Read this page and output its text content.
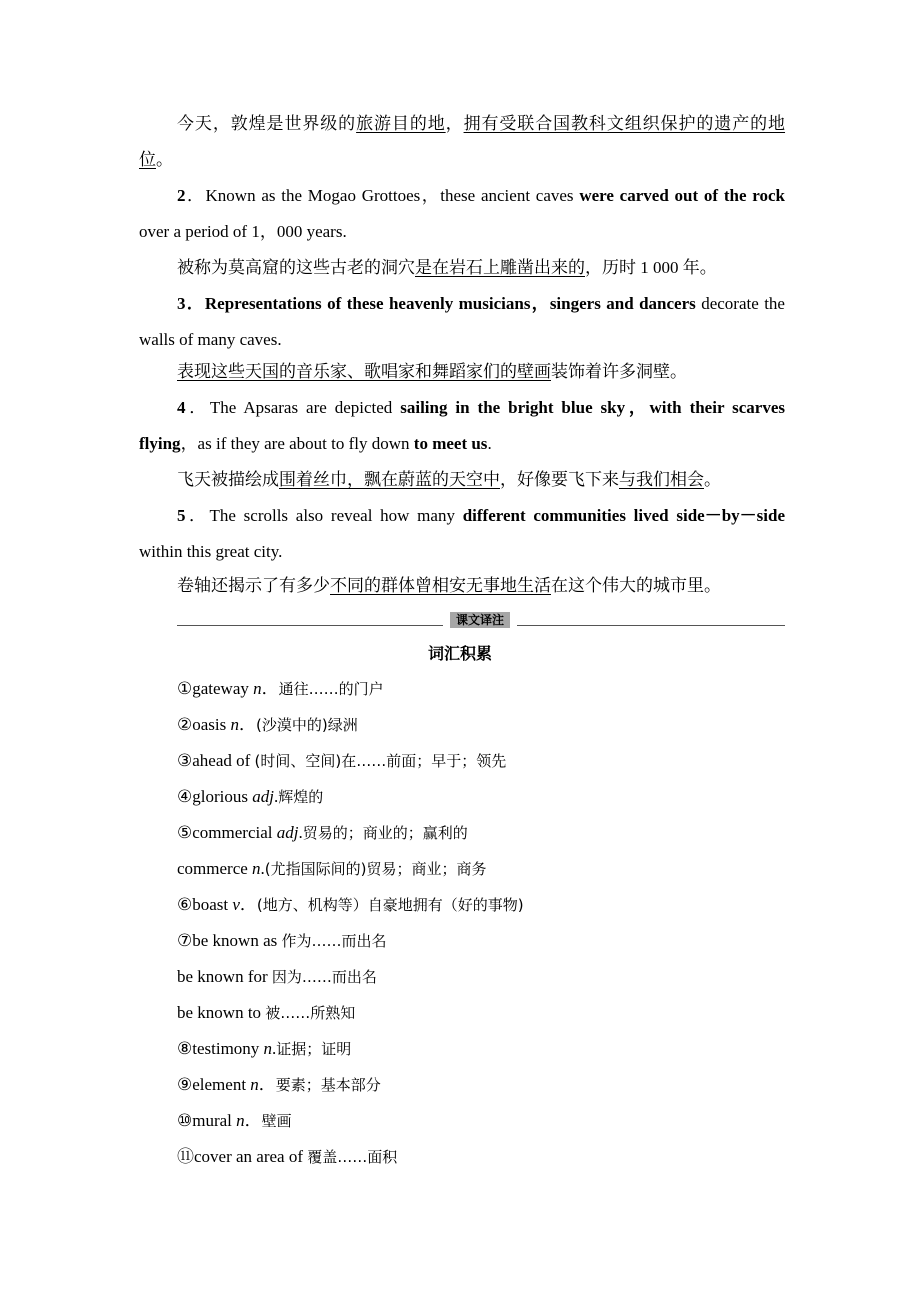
今天，敦煌是世界级的旅游目的地，拥有受联合国教科文组织保护的遗产的地位。
2．Known as the Mogao Grottoes，these ancient caves were carved out of the rock over a period of 1，000 years.
被称为莫高窟的这些古老的洞穴是在岩石上雕凿出来的，历时 1 000 年。
3．Representations of these heavenly musicians，singers and dancers decorate the walls of many caves.
表现这些天国的音乐家、歌唱家和舞蹈家们的壁画装饰着许多洞壁。
4．The Apsaras are depicted sailing in the bright blue sky，with their scarves flying，as if they are about to fly down to meet us.
飞天被描绘成围着丝巾，飘在蔚蓝的天空中，好像要飞下来与我们相会。
5．The scrolls also reveal how many different communities lived side－by－side within this great city.
卷轴还揭示了有多少不同的群体曾相安无事地生活在这个伟大的城市里。
课文译注
词汇积累
①gateway n．通往……的门户
②oasis n．(沙漠中的)绿洲
③ahead of (时间、空间)在……前面；早于；领先
④glorious adj.辉煌的
⑤commercial adj.贸易的；商业的；赢利的
commerce n.(尤指国际间的)贸易；商业；商务
⑥boast v．(地方、机构等）自豪地拥有（好的事物)
⑦be known as 作为……而出名
be known for 因为……而出名
be known to 被……所熟知
⑧testimony n.证据；证明
⑨element n．要素；基本部分
⑩mural n．壁画
⑪cover an area of 覆盖……面积
